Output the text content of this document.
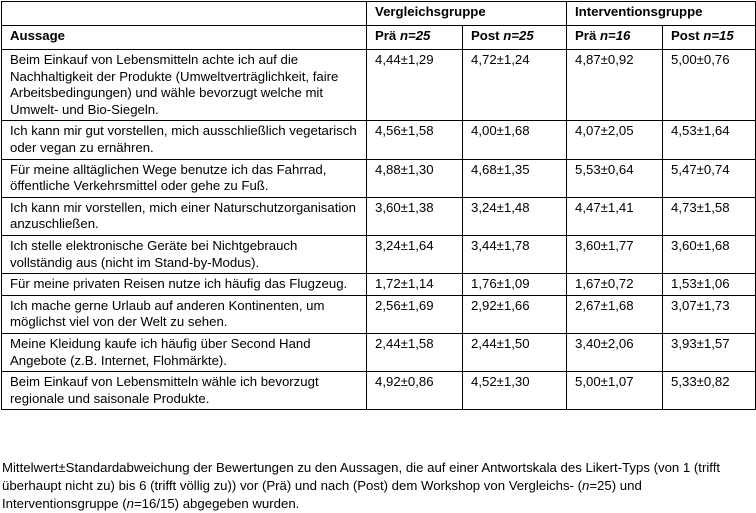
	Vergleichsgruppe		Interventionsgruppe	
Aussage	Prä n=25	Post n=25	Prä n=16	Post n=15
Beim Einkauf von Lebensmitteln achte ich auf die Nachhaltigkeit der Produkte (Umweltverträglichkeit, faire Arbeitsbedingungen) und wähle bevorzugt welche mit Umwelt- und Bio-Siegeln.	4,44±1,29	4,72±1,24	4,87±0,92	5,00±0,76
Ich kann mir gut vorstellen, mich ausschließlich vegetarisch oder vegan zu ernähren.	4,56±1,58	4,00±1,68	4,07±2,05	4,53±1,64
Für meine alltäglichen Wege benutze ich das Fahrrad, öffentliche Verkehrsmittel oder gehe zu Fuß.	4,88±1,30	4,68±1,35	5,53±0,64	5,47±0,74
Ich kann mir vorstellen, mich einer Naturschutzorganisation anzuschließen.	3,60±1,38	3,24±1,48	4,47±1,41	4,73±1,58
Ich stelle elektronische Geräte bei Nichtgebrauch vollständig aus (nicht im Stand-by-Modus).	3,24±1,64	3,44±1,78	3,60±1,77	3,60±1,68
Für meine privaten Reisen nutze ich häufig das Flugzeug.	1,72±1,14	1,76±1,09	1,67±0,72	1,53±1,06
Ich mache gerne Urlaub auf anderen Kontinenten, um möglichst viel von der Welt zu sehen.	2,56±1,69	2,92±1,66	2,67±1,68	3,07±1,73
Meine Kleidung kaufe ich häufig über Second Hand Angebote (z.B. Internet, Flohmärkte).	2,44±1,58	2,44±1,50	3,40±2,06	3,93±1,57
Beim Einkauf von Lebensmitteln wähle ich bevorzugt regionale und saisonale Produkte.	4,92±0,86	4,52±1,30	5,00±1,07	5,33±0,82
Mittelwert±Standardabweichung der Bewertungen zu den Aussagen, die auf einer Antwortskala des Likert-Typs (von 1 (trifft überhaupt nicht zu) bis 6 (trifft völlig zu)) vor (Prä) und nach (Post) dem Workshop von Vergleichs- (n=25) und Interventionsgruppe (n=16/15) abgegeben wurden.
